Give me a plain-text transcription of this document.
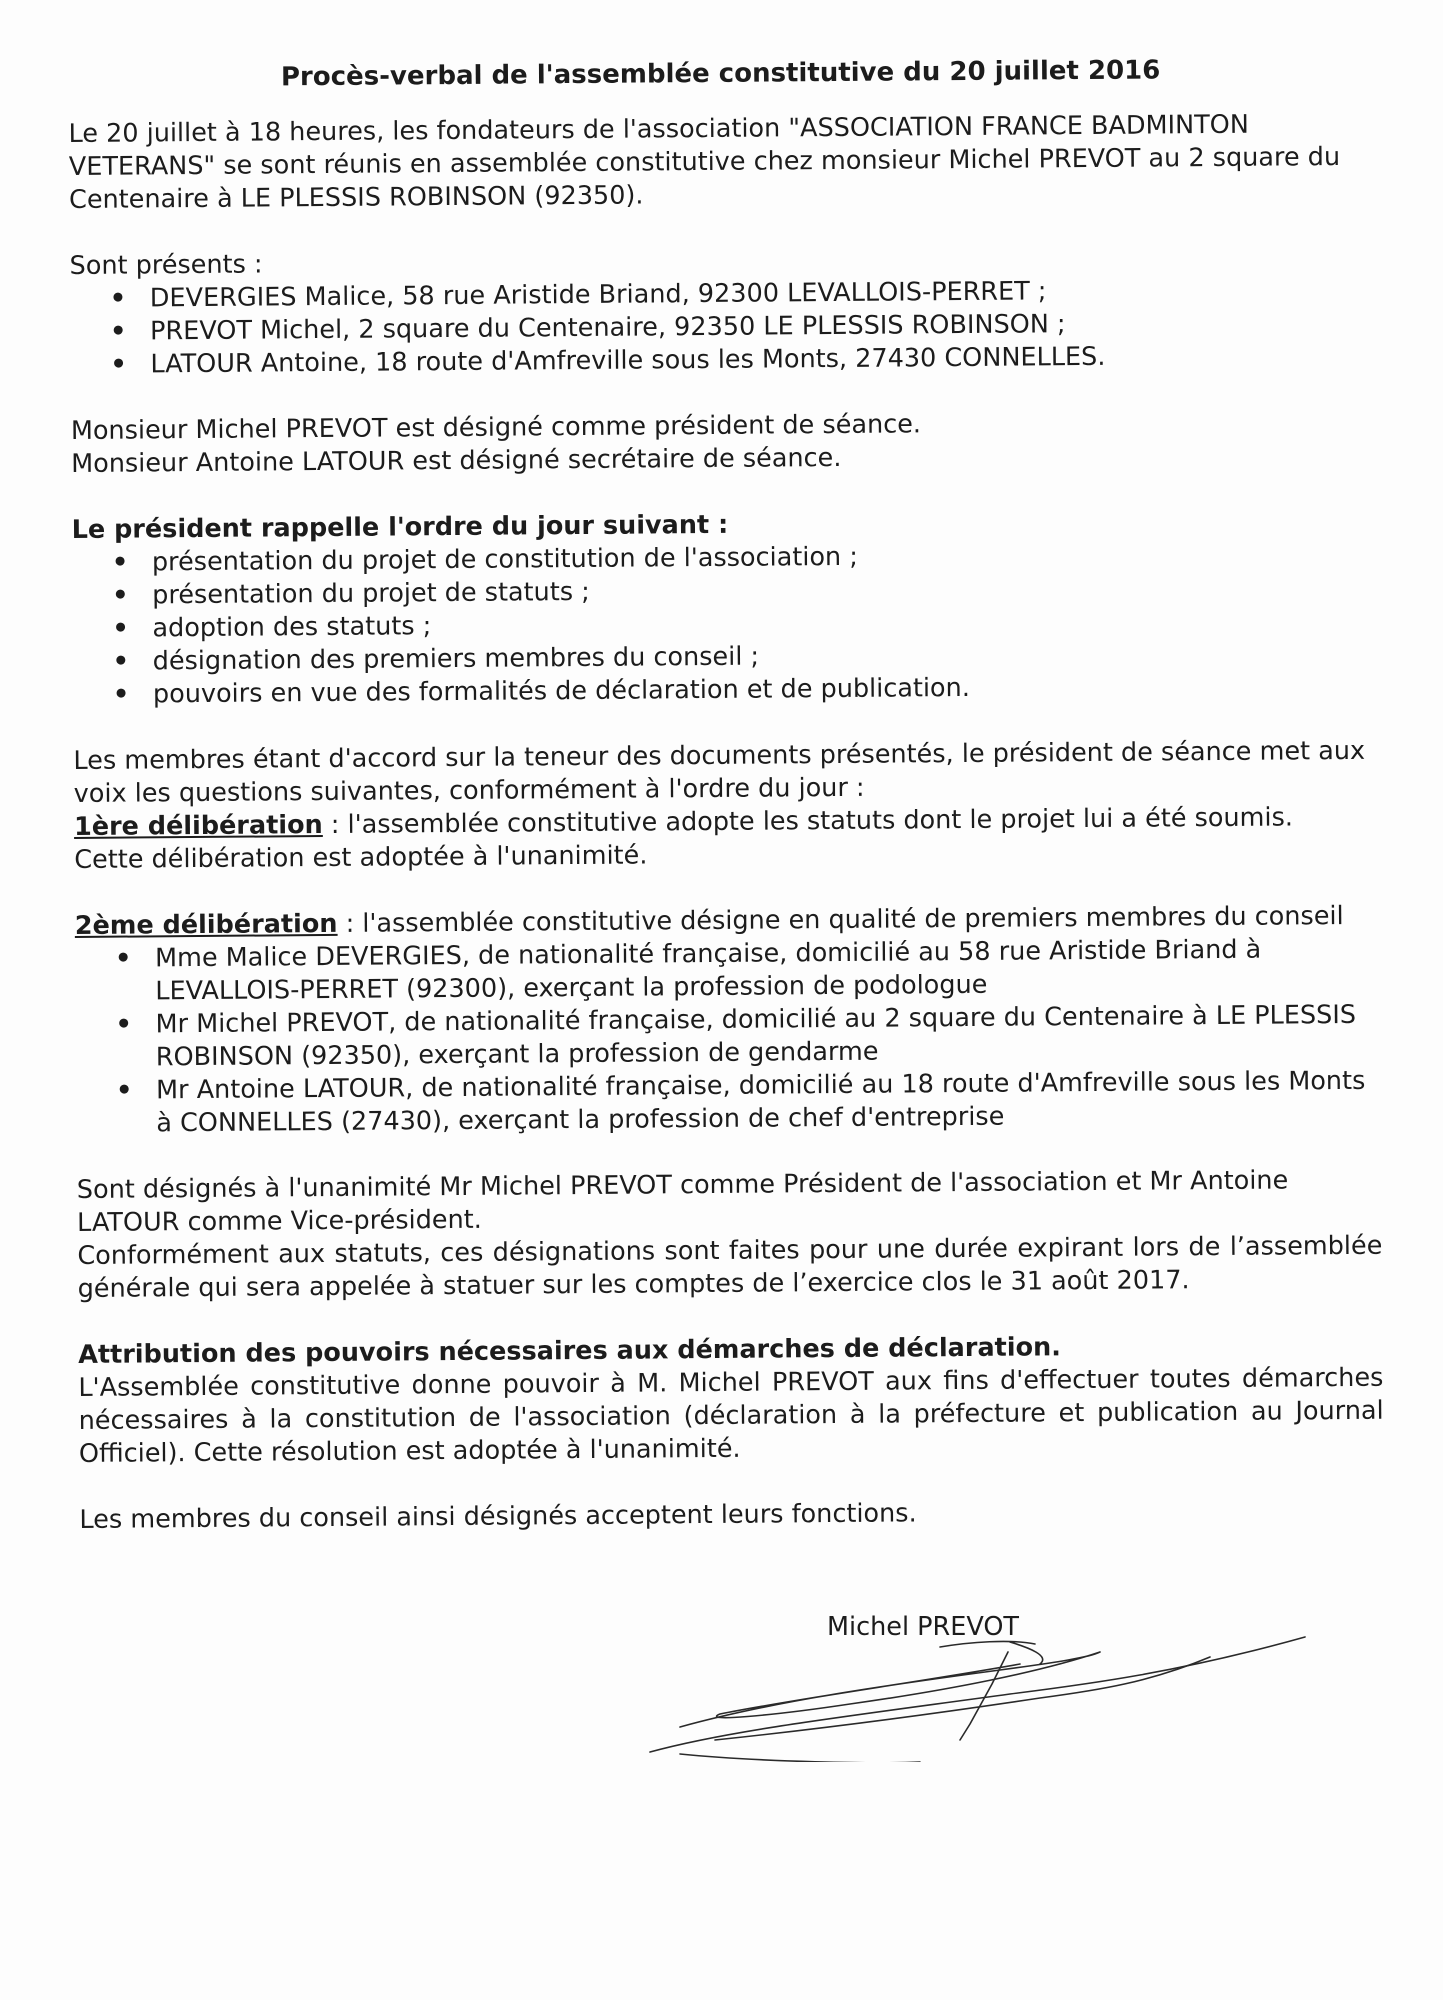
Procès-verbal de l'assemblée constitutive du 20 juillet 2016

Le 20 juillet à 18 heures, les fondateurs de l'association "ASSOCIATION FRANCE BADMINTON VETERANS" se sont réunis en assemblée constitutive chez monsieur Michel PREVOT au 2 square du Centenaire à LE PLESSIS ROBINSON (92350).

Sont présents :

• DEVERGIES Malice, 58 rue Aristide Briand, 92300 LEVALLOIS-PERRET ;
• PREVOT Michel, 2 square du Centenaire, 92350 LE PLESSIS ROBINSON ;
• LATOUR Antoine, 18 route d'Amfreville sous les Monts, 27430 CONNELLES.

Monsieur Michel PREVOT est désigné comme président de séance.

Monsieur Antoine LATOUR est désigné secrétaire de séance.

Le président rappelle l'ordre du jour suivant :

• présentation du projet de constitution de l'association ;
• présentation du projet de statuts ;
• adoption des statuts ;
• désignation des premiers membres du conseil ;
• pouvoirs en vue des formalités de déclaration et de publication.

Les membres étant d'accord sur la teneur des documents présentés, le président de séance met aux voix les questions suivantes, conformément à l'ordre du jour :

1ère délibération : l'assemblée constitutive adopte les statuts dont le projet lui a été soumis.

Cette délibération est adoptée à l'unanimité.

2ème délibération : l'assemblée constitutive désigne en qualité de premiers membres du conseil

• Mme Malice DEVERGIES, de nationalité française, domicilié au 58 rue Aristide Briand à LEVALLOIS-PERRET (92300), exerçant la profession de podologue
• Mr Michel PREVOT, de nationalité française, domicilié au 2 square du Centenaire à LE PLESSIS ROBINSON (92350), exerçant la profession de gendarme
• Mr Antoine LATOUR, de nationalité française, domicilié au 18 route d'Amfreville sous les Monts à CONNELLES (27430), exerçant la profession de chef d'entreprise

Sont désignés à l'unanimité Mr Michel PREVOT comme Président de l'association et Mr Antoine LATOUR comme Vice-président.

Conformément aux statuts, ces désignations sont faites pour une durée expirant lors de l’assemblée générale qui sera appelée à statuer sur les comptes de l’exercice clos le 31 août 2017.

Attribution des pouvoirs nécessaires aux démarches de déclaration.

L'Assemblée constitutive donne pouvoir à M. Michel PREVOT aux fins d'effectuer toutes démarches nécessaires à la constitution de l'association (déclaration à la préfecture et publication au Journal Officiel). Cette résolution est adoptée à l'unanimité.

Les membres du conseil ainsi désignés acceptent leurs fonctions.

Michel PREVOT
